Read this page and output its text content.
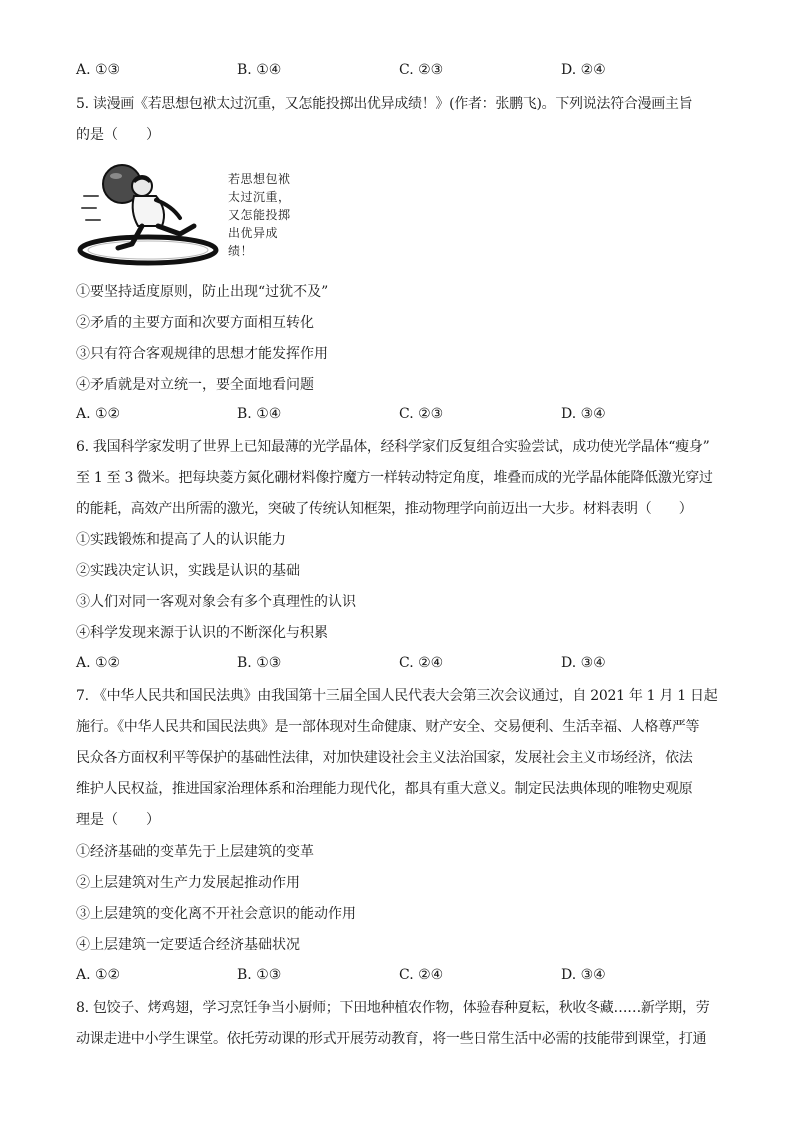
A. ①③	B. ①④	C. ②③	D. ②④
5. 读漫画《若思想包袱太过沉重，又怎能投掷出优异成绩！》(作者：张鹏飞)。下列说法符合漫画主旨
的是（　　）
若思想包袱太过沉重，又怎能投掷出优异成绩！
①要坚持适度原则，防止出现“过犹不及”
②矛盾的主要方面和次要方面相互转化
③只有符合客观规律的思想才能发挥作用
④矛盾就是对立统一，要全面地看问题
A. ①②	B. ①④	C. ②③	D. ③④
6. 我国科学家发明了世界上已知最薄的光学晶体，经科学家们反复组合实验尝试，成功使光学晶体“瘦身”
至 1 至 3 微米。把每块菱方氮化硼材料像拧魔方一样转动特定角度，堆叠而成的光学晶体能降低激光穿过
的能耗，高效产出所需的激光，突破了传统认知框架，推动物理学向前迈出一大步。材料表明（　　）
①实践锻炼和提高了人的认识能力
②实践决定认识，实践是认识的基础
③人们对同一客观对象会有多个真理性的认识
④科学发现来源于认识的不断深化与积累
A. ①②	B. ①③	C. ②④	D. ③④
7. 《中华人民共和国民法典》由我国第十三届全国人民代表大会第三次会议通过，自 2021 年 1 月 1 日起
施行。《中华人民共和国民法典》是一部体现对生命健康、财产安全、交易便利、生活幸福、人格尊严等
民众各方面权利平等保护的基础性法律，对加快建设社会主义法治国家，发展社会主义市场经济，依法
维护人民权益，推进国家治理体系和治理能力现代化，都具有重大意义。制定民法典体现的唯物史观原
理是（　　）
①经济基础的变革先于上层建筑的变革
②上层建筑对生产力发展起推动作用
③上层建筑的变化离不开社会意识的能动作用
④上层建筑一定要适合经济基础状况
A. ①②	B. ①③	C. ②④	D. ③④
8. 包饺子、烤鸡翅，学习烹饪争当小厨师；下田地种植农作物，体验春种夏耘，秋收冬藏……新学期，劳
动课走进中小学生课堂。依托劳动课的形式开展劳动教育，将一些日常生活中必需的技能带到课堂，打通
